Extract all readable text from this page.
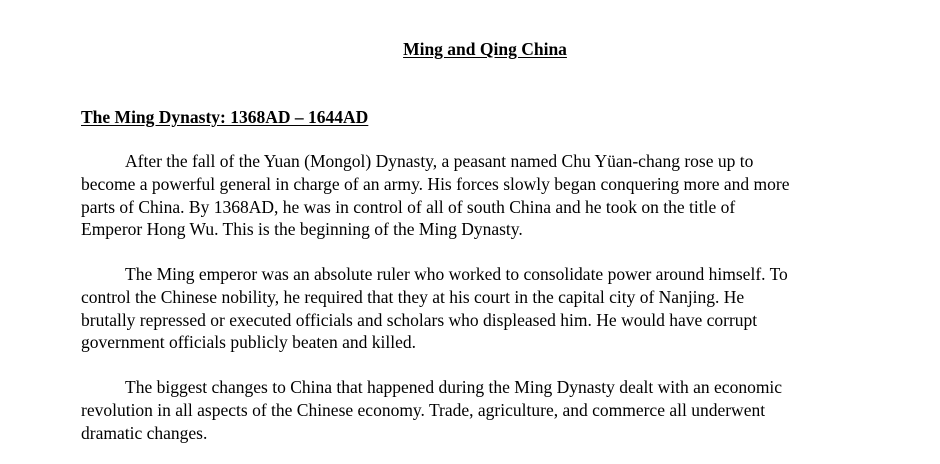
Ming and Qing China
The Ming Dynasty: 1368AD – 1644AD

After the fall of the Yuan (Mongol) Dynasty, a peasant named Chu Yüan-chang rose up to
become a powerful general in charge of an army. His forces slowly began conquering more and more
parts of China. By 1368AD, he was in control of all of south China and he took on the title of
Emperor Hong Wu. This is the beginning of the Ming Dynasty.

The Ming emperor was an absolute ruler who worked to consolidate power around himself. To
control the Chinese nobility, he required that they at his court in the capital city of Nanjing. He
brutally repressed or executed officials and scholars who displeased him. He would have corrupt
government officials publicly beaten and killed.

The biggest changes to China that happened during the Ming Dynasty dealt with an economic
revolution in all aspects of the Chinese economy. Trade, agriculture, and commerce all underwent
dramatic changes.
